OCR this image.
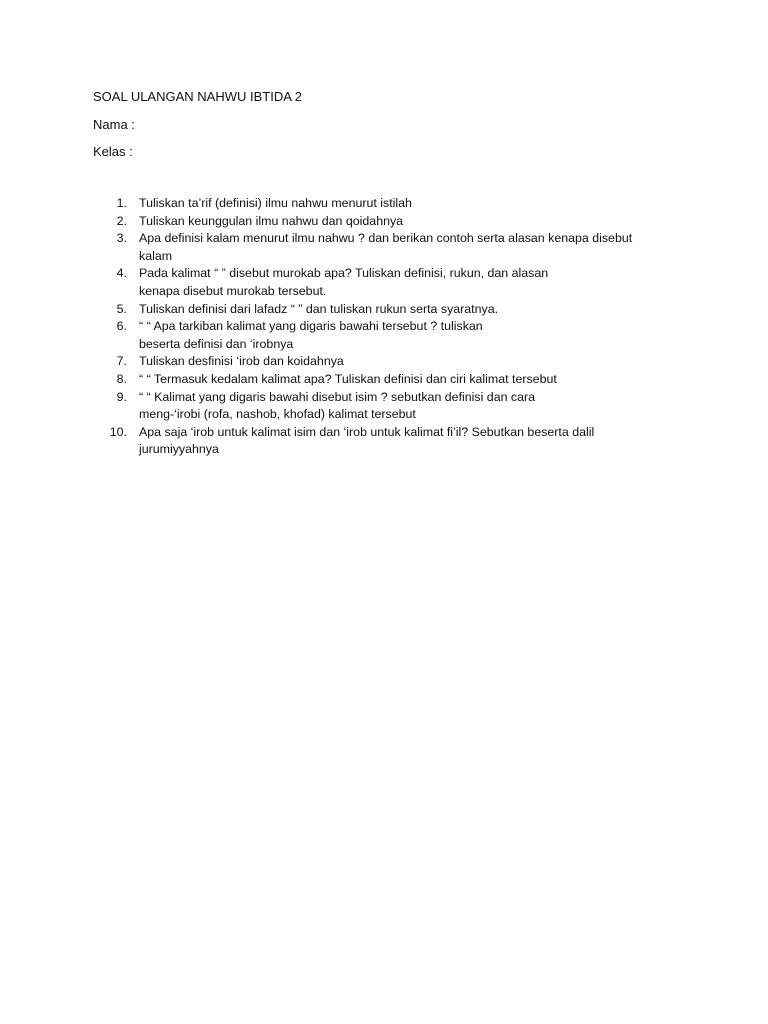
SOAL ULANGAN NAHWU IBTIDA 2
Nama :
Kelas :
1. Tuliskan ta’rif (definisi) ilmu nahwu menurut istilah
2. Tuliskan keunggulan ilmu nahwu dan qoidahnya
3. Apa definisi kalam menurut ilmu nahwu ? dan berikan contoh serta alasan kenapa disebut
kalam
4. Pada kalimat “ ” disebut murokab apa? Tuliskan definisi, rukun, dan alasan
kenapa disebut murokab tersebut.
5. Tuliskan definisi dari lafadz “ ” dan tuliskan rukun serta syaratnya.
6. “ “ Apa tarkiban kalimat yang digaris bawahi tersebut ? tuliskan
beserta definisi dan ‘irobnya
7. Tuliskan desfinisi ‘irob dan koidahnya
8. “ “ Termasuk kedalam kalimat apa? Tuliskan definisi dan ciri kalimat tersebut
9. “ “ Kalimat yang digaris bawahi disebut isim ? sebutkan definisi dan cara
meng-‘irobi (rofa, nashob, khofad) kalimat tersebut
10. Apa saja ‘irob untuk kalimat isim dan ‘irob untuk kalimat fi’il? Sebutkan beserta dalil
jurumiyyahnya
